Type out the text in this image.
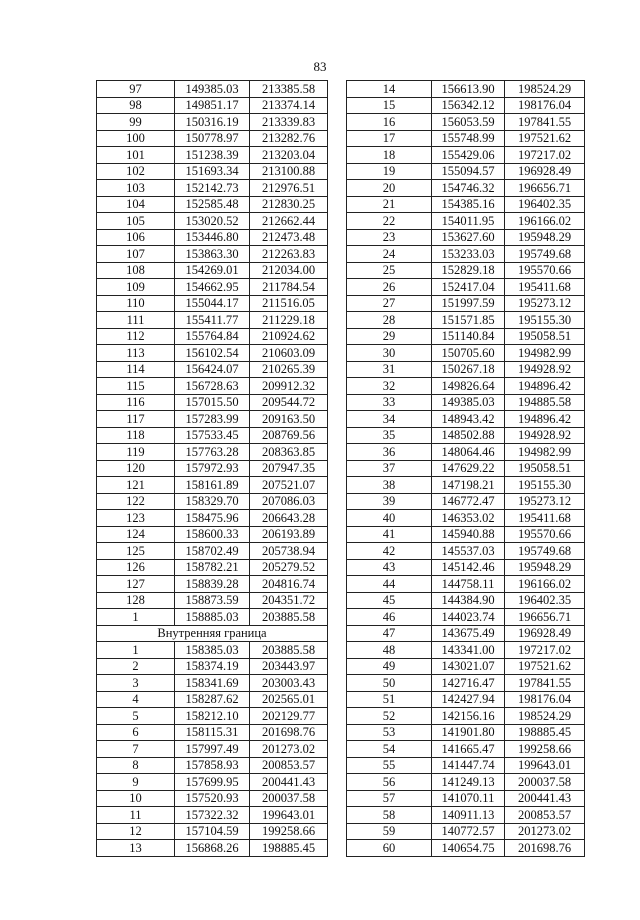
83
97	149385.03	213385.58
98	149851.17	213374.14
99	150316.19	213339.83
100	150778.97	213282.76
101	151238.39	213203.04
102	151693.34	213100.88
103	152142.73	212976.51
104	152585.48	212830.25
105	153020.52	212662.44
106	153446.80	212473.48
107	153863.30	212263.83
108	154269.01	212034.00
109	154662.95	211784.54
110	155044.17	211516.05
111	155411.77	211229.18
112	155764.84	210924.62
113	156102.54	210603.09
114	156424.07	210265.39
115	156728.63	209912.32
116	157015.50	209544.72
117	157283.99	209163.50
118	157533.45	208769.56
119	157763.28	208363.85
120	157972.93	207947.35
121	158161.89	207521.07
122	158329.70	207086.03
123	158475.96	206643.28
124	158600.33	206193.89
125	158702.49	205738.94
126	158782.21	205279.52
127	158839.28	204816.74
128	158873.59	204351.72
1	158885.03	203885.58
Внутренняя граница		
1	158385.03	203885.58
2	158374.19	203443.97
3	158341.69	203003.43
4	158287.62	202565.01
5	158212.10	202129.77
6	158115.31	201698.76
7	157997.49	201273.02
8	157858.93	200853.57
9	157699.95	200441.43
10	157520.93	200037.58
11	157322.32	199643.01
12	157104.59	199258.66
13	156868.26	198885.45
14	156613.90	198524.29
15	156342.12	198176.04
16	156053.59	197841.55
17	155748.99	197521.62
18	155429.06	197217.02
19	155094.57	196928.49
20	154746.32	196656.71
21	154385.16	196402.35
22	154011.95	196166.02
23	153627.60	195948.29
24	153233.03	195749.68
25	152829.18	195570.66
26	152417.04	195411.68
27	151997.59	195273.12
28	151571.85	195155.30
29	151140.84	195058.51
30	150705.60	194982.99
31	150267.18	194928.92
32	149826.64	194896.42
33	149385.03	194885.58
34	148943.42	194896.42
35	148502.88	194928.92
36	148064.46	194982.99
37	147629.22	195058.51
38	147198.21	195155.30
39	146772.47	195273.12
40	146353.02	195411.68
41	145940.88	195570.66
42	145537.03	195749.68
43	145142.46	195948.29
44	144758.11	196166.02
45	144384.90	196402.35
46	144023.74	196656.71
47	143675.49	196928.49
48	143341.00	197217.02
49	143021.07	197521.62
50	142716.47	197841.55
51	142427.94	198176.04
52	142156.16	198524.29
53	141901.80	198885.45
54	141665.47	199258.66
55	141447.74	199643.01
56	141249.13	200037.58
57	141070.11	200441.43
58	140911.13	200853.57
59	140772.57	201273.02
60	140654.75	201698.76
